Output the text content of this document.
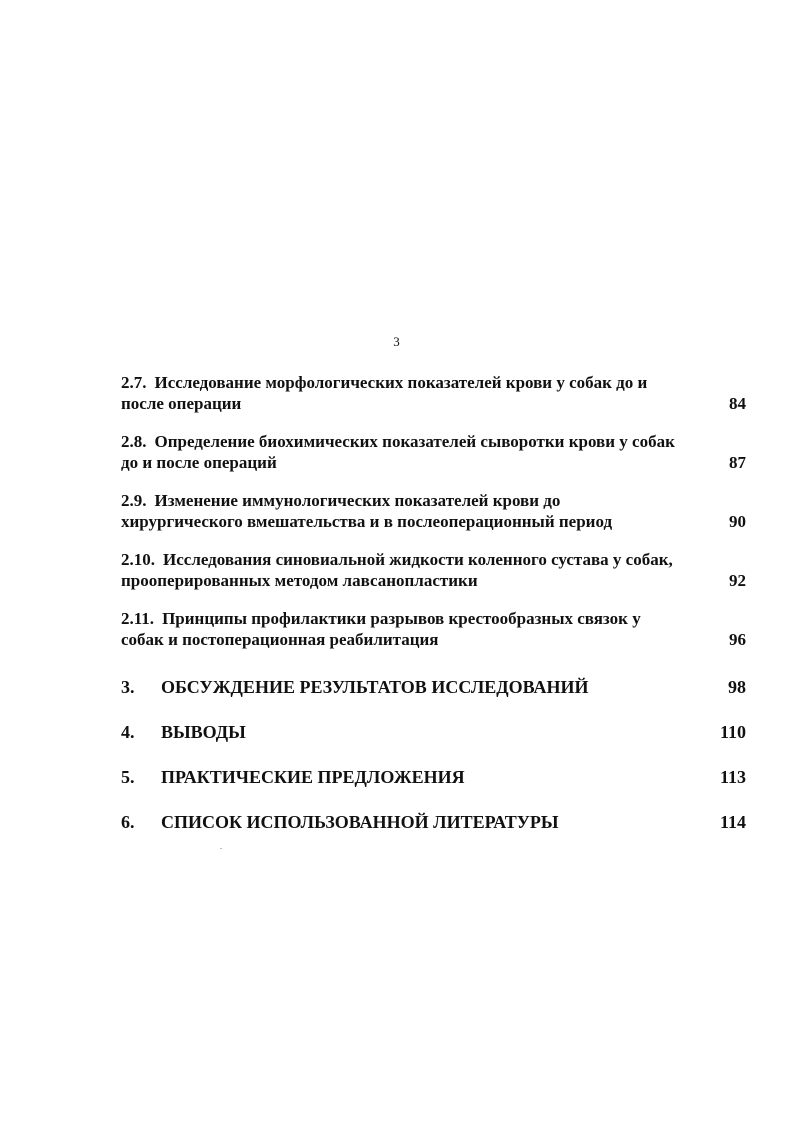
3
2.7. Исследование морфологических показателей крови у собак до и
после операции	84
2.8. Определение биохимических показателей сыворотки крови у собак
до и после операций	87
2.9. Изменение иммунологических показателей крови до
хирургического вмешательства и в послеоперационный период	90
2.10. Исследования синовиальной жидкости коленного сустава у собак,
прооперированных методом лавсанопластики	92
2.11. Принципы профилактики разрывов крестообразных связок у
собак и постоперационная реабилитация	96
3.	ОБСУЖДЕНИЕ РЕЗУЛЬТАТОВ ИССЛЕДОВАНИЙ	98
4.	ВЫВОДЫ	110
5.	ПРАКТИЧЕСКИЕ ПРЕДЛОЖЕНИЯ	113
6.	СПИСОК ИСПОЛЬЗОВАННОЙ ЛИТЕРАТУРЫ	114
